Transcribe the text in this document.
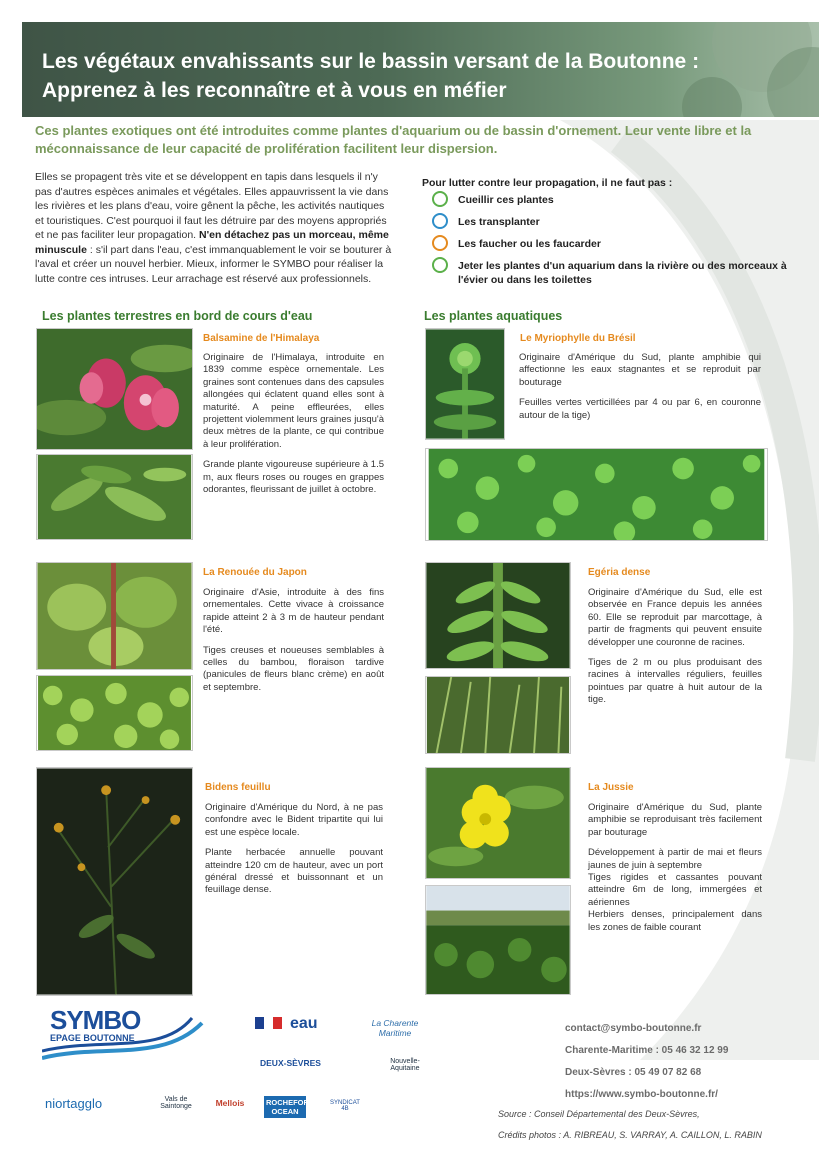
Les végétaux envahissants sur le bassin versant de la Boutonne : Apprenez à les reconnaître et à vous en méfier

Ces plantes exotiques ont été introduites comme plantes d'aquarium ou de bassin d'ornement. Leur vente libre et la méconnaissance de leur capacité de prolifération facilitent leur dispersion.

Elles se propagent très vite et se développent en tapis dans lesquels il n'y pas d'autres espèces animales et végétales. Elles appauvrissent la vie dans les rivières et les plans d'eau, voire gênent la pêche, les activités nautiques et touristiques. C'est pourquoi il faut les détruire par des moyens appropriés et ne pas faciliter leur propagation. N'en détachez pas un morceau, même minuscule : s'il part dans l'eau, c'est immanquablement le voir se bouturer à l'aval et créer un nouvel herbier. Mieux, informer le SYMBO pour réaliser la lutte contre ces intruses. Leur arrachage est réservé aux professionnels.

Pour lutter contre leur propagation, il ne faut pas :
Cueillir ces plantes
Les transplanter
Les faucher ou les faucarder
Jeter les plantes d'un aquarium dans la rivière ou des morceaux à l'évier ou dans les toilettes
Les plantes terrestres en bord de cours d'eau	Les plantes aquatiques
Balsamine de l'Himalaya

Originaire de l'Himalaya, introduite en 1839 comme espèce ornementale. Les graines sont contenues dans des capsules allongées qui éclatent quand elles sont à maturité. A peine effleurées, elles projettent violemment leurs graines jusqu'à deux mètres de la plante, ce qui contribue à leur prolifération.

Grande plante vigoureuse supérieure à 1.5 m, aux fleurs roses ou rouges en grappes odorantes, fleurissant de juillet à octobre.

Le Myriophylle du Brésil

Originaire d'Amérique du Sud, plante amphibie qui affectionne les eaux stagnantes et se reproduit par bouturage

Feuilles vertes verticillées par 4 ou par 6, en couronne autour de la tige)

La Renouée du Japon

Originaire d'Asie, introduite à des fins ornementales. Cette vivace à croissance rapide atteint 2 à 3 m de hauteur pendant l'été.

Tiges creuses et noueuses semblables à celles du bambou, floraison tardive (panicules de fleurs blanc crème) en août et septembre.

Egéria dense

Originaire d'Amérique du Sud, elle est observée en France depuis les années 60. Elle se reproduit par marcottage, à partir de fragments qui peuvent ensuite développer une couronne de racines.

Tiges de 2 m ou plus produisant des racines à intervalles réguliers, feuilles pointues par quatre à huit autour de la tige.

Bidens feuillu

Originaire d'Amérique du Nord, à ne pas confondre avec le Bident tripartite qui lui est une espèce locale.

Plante herbacée annuelle pouvant atteindre 120 cm de hauteur, avec un port général dressé et buissonnant et un feuillage dense.

La Jussie

Originaire d'Amérique du Sud, plante amphibie se reproduisant très facilement par bouturage

Développement à partir de mai et fleurs jaunes de juin à septembre

Tiges rigides et cassantes pouvant atteindre 6m de long, immergées et aériennes

Herbiers denses, principalement dans les zones de faible courant

SYMBO
EPAGE BOUTONNE
eau	La Charente Maritime
DEUX-SÈVRES	Nouvelle-Aquitaine
niortagglo	Vals de Saintonge	Mellois	ROCHEFORT OCEAN
SYNDICAT 4B
contact@symbo-boutonne.fr
Charente-Maritime : 05 46 32 12 99
Deux-Sèvres : 05 49 07 82 68
https://www.symbo-boutonne.fr/
Source : Conseil Départemental des Deux-Sèvres,
Crédits photos : A. RIBREAU, S. VARRAY, A. CAILLON, L. RABIN
